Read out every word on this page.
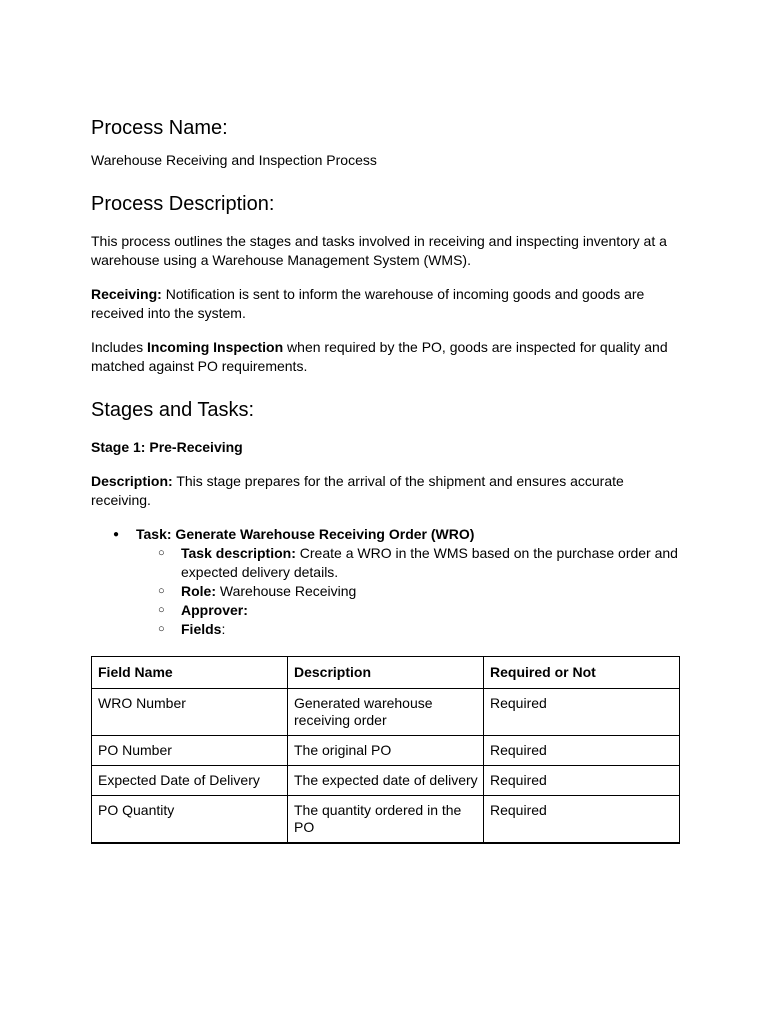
Process Name:

Warehouse Receiving and Inspection Process

Process Description:

This process outlines the stages and tasks involved in receiving and inspecting inventory at a warehouse using a Warehouse Management System (WMS).

Receiving: Notification is sent to inform the warehouse of incoming goods and goods are received into the system.

Includes Incoming Inspection when required by the PO, goods are inspected for quality and matched against PO requirements.

Stages and Tasks:

Stage 1: Pre-Receiving

Description: This stage prepares for the arrival of the shipment and ensures accurate receiving.

● Task: Generate Warehouse Receiving Order (WRO)
○ Task description: Create a WRO in the WMS based on the purchase order and expected delivery details.
○ Role: Warehouse Receiving
○ Approver:
○ Fields:
Field Name	Description	Required or Not
WRO Number	Generated warehouse receiving order	Required
PO Number	The original PO	Required
Expected Date of Delivery	The expected date of delivery	Required
PO Quantity	The quantity ordered in the PO	Required
